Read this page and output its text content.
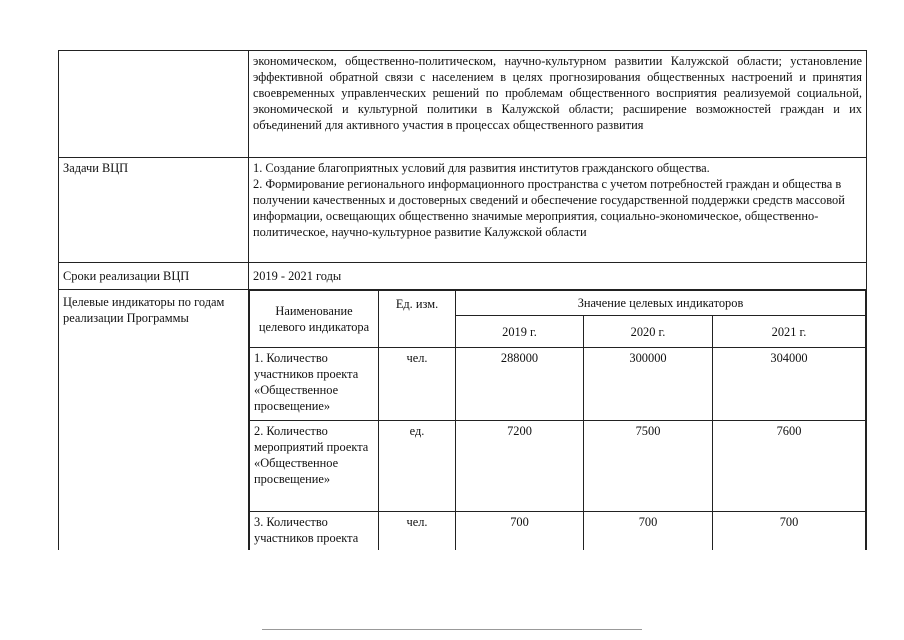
	экономическом, общественно-политическом, научно-культурном развитии Калужской области; установление эффективной обратной связи с населением в целях прогнозирования общественных настроений и принятия своевременных управленческих решений по проблемам общественного восприятия реализуемой социальной, экономической и культурной политики в Калужской области; расширение возможностей граждан и их объединений для активного участия в процессах общественного развития
Задачи ВЦП	1. Создание благоприятных условий для развития институтов гражданского общества.
2. Формирование регионального информационного пространства с учетом потребностей граждан и общества в получении качественных и достоверных сведений и обеспечение государственной поддержки средств массовой информации, освещающих общественно значимые мероприятия, социально-экономическое, общественно-политическое, научно-культурное развитие Калужской области

Сроки реализации ВЦП	2019 - 2021 годы
Целевые индикаторы по годам реализации Программы		Наименование целевого индикатора	Ед. изм.	Значение целевых индикаторов
2019 г.	2020 г.	2021 г.
1. Количество участников проекта «Общественное просвещение»	чел.	288000	300000	304000
2. Количество мероприятий проекта «Общественное просвещение»	ед.	7200	7500	7600
3. Количество участников проекта	чел.	700	700	700
